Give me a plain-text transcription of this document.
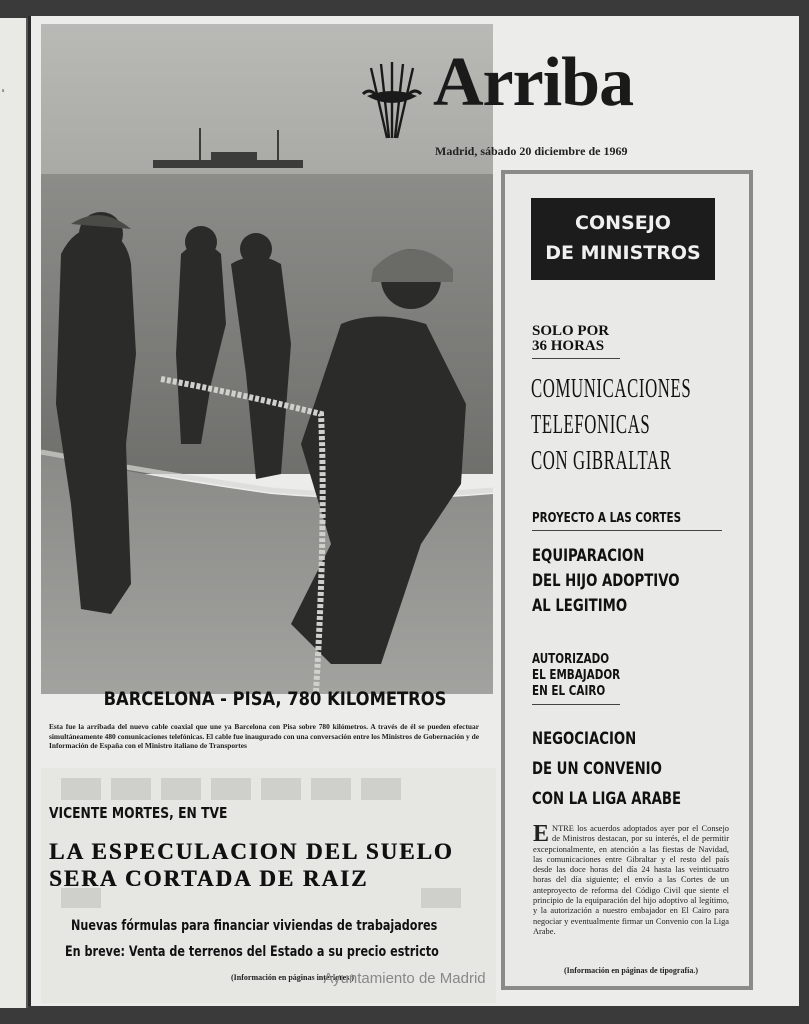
s	Arriba
Madrid, sábado 20 diciembre de 1969
BARCELONA - PISA, 780 KILOMETROS
Esta fue la arribada del nuevo cable coaxial que une ya Barcelona con Pisa sobre 780 kilómetros. A través de él se pueden efectuar simultáneamente 480 comunicaciones telefónicas. El cable fue inaugurado con una conversación entre los Ministros de Gobernación y de Información de España con el Ministro italiano de Transportes
VICENTE MORTES, EN TVE
LA ESPECULACION DEL SUELO
SERA CORTADA DE RAIZ
Nuevas fórmulas para financiar viviendas de trabajadores
En breve: Venta de terrenos del Estado a su precio estricto
(Información en páginas interiores.)
CONSEJO
DE MINISTROS
SOLO POR
36 HORAS
COMUNICACIONES
TELEFONICAS
CON GIBRALTAR
PROYECTO A LAS CORTES
EQUIPARACION
DEL HIJO ADOPTIVO
AL LEGITIMO
AUTORIZADO
EL EMBAJADOR
EN EL CAIRO
NEGOCIACION
DE UN CONVENIO
CON LA LIGA ARABE
ENTRE los acuerdos adoptados ayer por el Consejo de Ministros destacan, por su interés, el de permitir excepcionalmente, en atención a las fiestas de Navidad, las comunicaciones entre Gibraltar y el resto del país desde las doce horas del día 24 hasta las veinticuatro horas del día siguiente; el envío a las Cortes de un anteproyecto de reforma del Código Civil que siente el principio de la equiparación del hijo adoptivo al legítimo, y la autorización a nuestro embajador en El Cairo para negociar y eventualmente firmar un Convenio con la Liga Arabe.
(Información en páginas de tipografía.)
Ayuntamiento de Madrid
